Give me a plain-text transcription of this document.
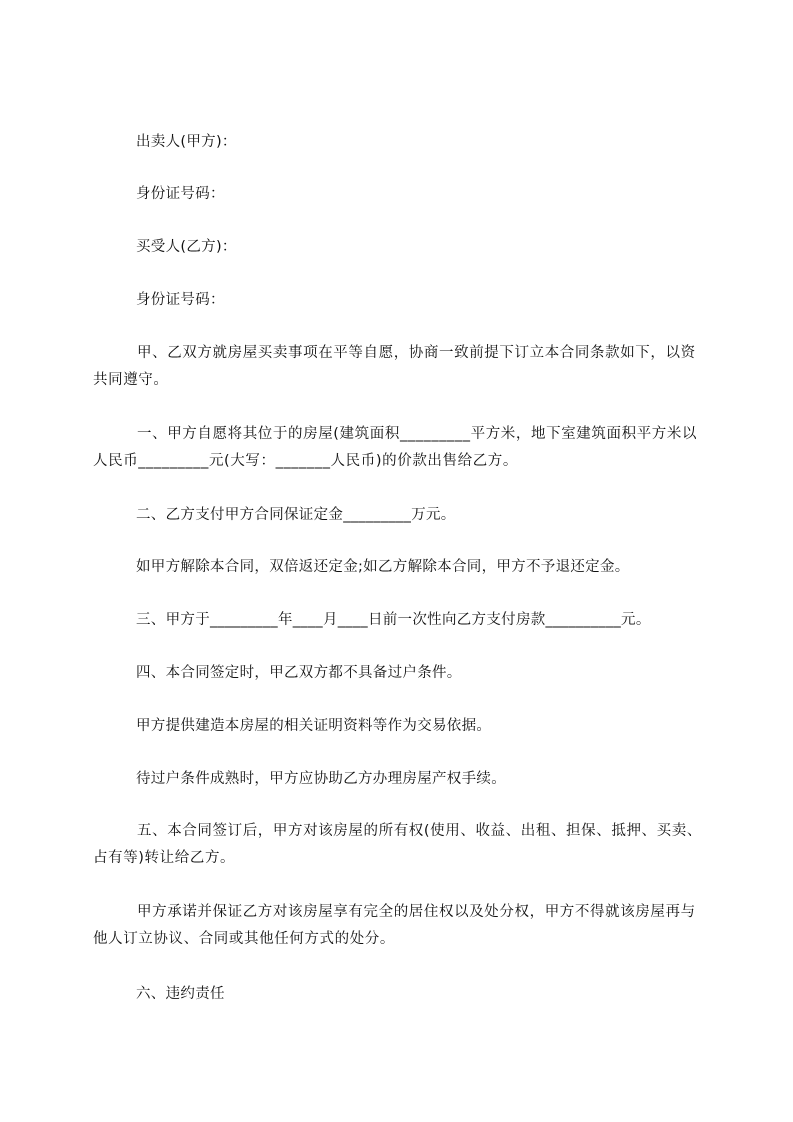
出卖人(甲方)：
身份证号码：
买受人(乙方)：
身份证号码：
甲、乙双方就房屋买卖事项在平等自愿，协商一致前提下订立本合同条款如下，以资共同遵守。
一、甲方自愿将其位于的房屋(建筑面积_________平方米，地下室建筑面积平方米以人民币_________元(大写：_______人民币)的价款出售给乙方。
二、乙方支付甲方合同保证定金_________万元。
如甲方解除本合同，双倍返还定金;如乙方解除本合同，甲方不予退还定金。
三、甲方于_________年____月____日前一次性向乙方支付房款__________元。
四、本合同签定时，甲乙双方都不具备过户条件。
甲方提供建造本房屋的相关证明资料等作为交易依据。
待过户条件成熟时，甲方应协助乙方办理房屋产权手续。
五、本合同签订后，甲方对该房屋的所有权(使用、收益、出租、担保、抵押、买卖、占有等)转让给乙方。
甲方承诺并保证乙方对该房屋享有完全的居住权以及处分权，甲方不得就该房屋再与他人订立协议、合同或其他任何方式的处分。
六、违约责任
